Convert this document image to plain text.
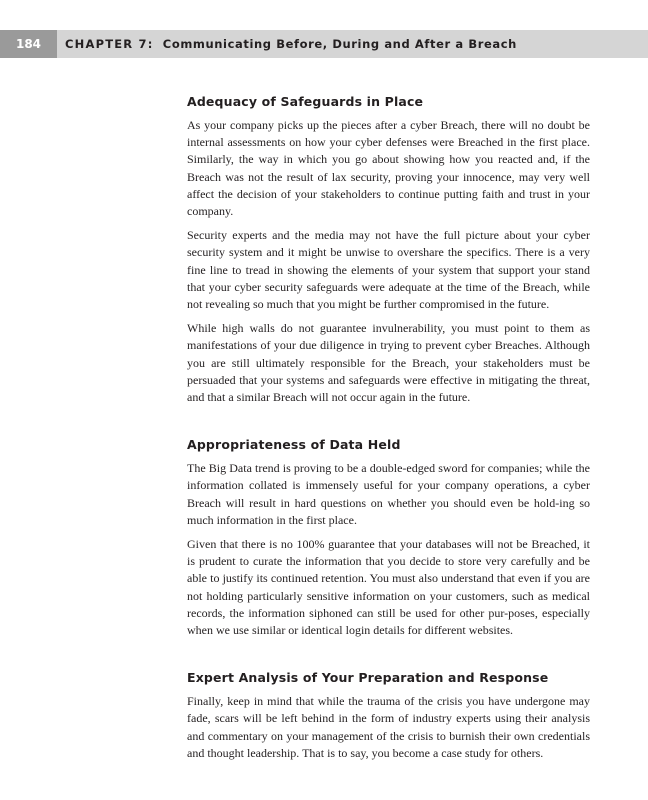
184	CHAPTER 7: Communicating Before, During and After a Breach
Adequacy of Safeguards in Place

As your company picks up the pieces after a cyber Breach, there will no doubt be internal assessments on how your cyber defenses were Breached in the first place. Similarly, the way in which you go about showing how you reacted and, if the Breach was not the result of lax security, proving your innocence, may very well affect the decision of your stakeholders to continue putting faith and trust in your company.

Security experts and the media may not have the full picture about your cyber security system and it might be unwise to overshare the specifics. There is a very fine line to tread in showing the elements of your system that support your stand that your cyber security safeguards were adequate at the time of the Breach, while not revealing so much that you might be further compromised in the future.

While high walls do not guarantee invulnerability, you must point to them as manifestations of your due diligence in trying to prevent cyber Breaches. Although you are still ultimately responsible for the Breach, your stakeholders must be persuaded that your systems and safeguards were effective in mitigating the threat, and that a similar Breach will not occur again in the future.

Appropriateness of Data Held

The Big Data trend is proving to be a double-edged sword for companies; while the information collated is immensely useful for your company operations, a cyber Breach will result in hard questions on whether you should even be hold-ing so much information in the first place.

Given that there is no 100% guarantee that your databases will not be Breached, it is prudent to curate the information that you decide to store very carefully and be able to justify its continued retention. You must also understand that even if you are not holding particularly sensitive information on your customers, such as medical records, the information siphoned can still be used for other pur-poses, especially when we use similar or identical login details for different websites.

Expert Analysis of Your Preparation and Response

Finally, keep in mind that while the trauma of the crisis you have undergone may fade, scars will be left behind in the form of industry experts using their analysis and commentary on your management of the crisis to burnish their own credentials and thought leadership. That is to say, you become a case study for others.
